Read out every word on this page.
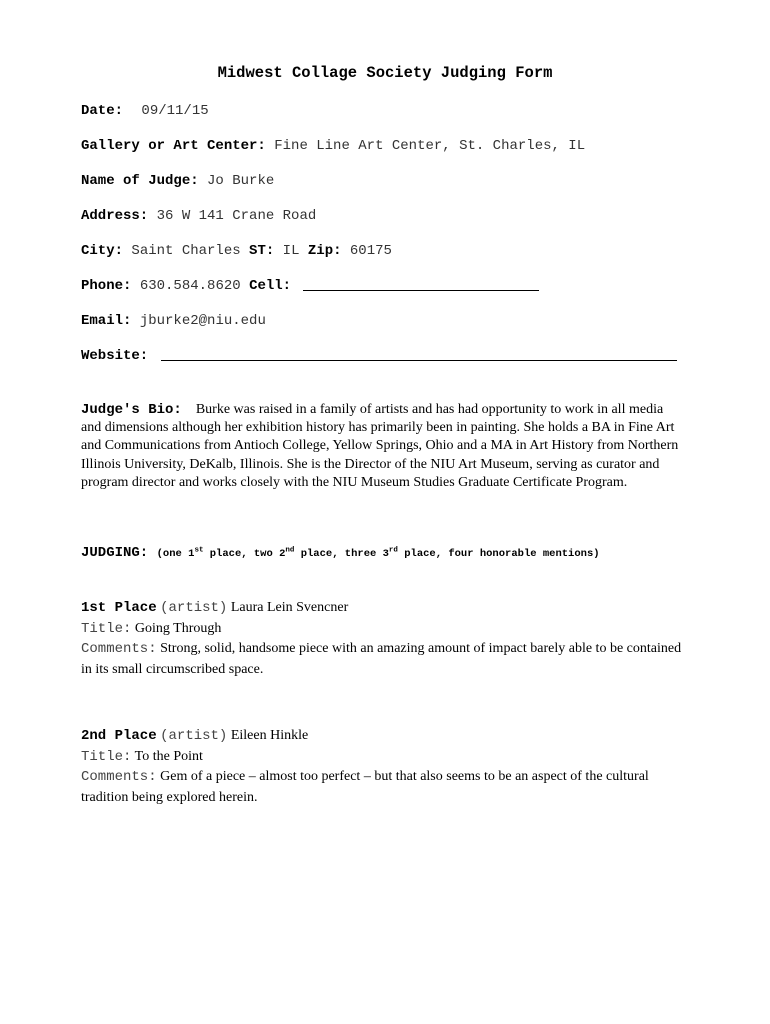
Midwest Collage Society Judging Form
Date: 09/11/15
Gallery or Art Center: Fine Line Art Center, St. Charles, IL
Name of Judge: Jo Burke
Address: 36 W 141 Crane Road
City: Saint Charles ST: IL Zip: 60175
Phone: 630.584.8620 Cell:
Email: jburke2@niu.edu
Website:
Judge's Bio: Burke was raised in a family of artists and has had opportunity to work in all media and dimensions although her exhibition history has primarily been in painting. She holds a BA in Fine Art and Communications from Antioch College, Yellow Springs, Ohio and a MA in Art History from Northern Illinois University, DeKalb, Illinois. She is the Director of the NIU Art Museum, serving as curator and program director and works closely with the NIU Museum Studies Graduate Certificate Program.
JUDGING: (one 1st place, two 2nd place, three 3rd place, four honorable mentions)
1st Place (artist) Laura Lein Svencner
Title: Going Through
Comments: Strong, solid, handsome piece with an amazing amount of impact barely able to be contained in its small circumscribed space.
2nd Place (artist) Eileen Hinkle
Title: To the Point
Comments: Gem of a piece – almost too perfect – but that also seems to be an aspect of the cultural tradition being explored herein.
